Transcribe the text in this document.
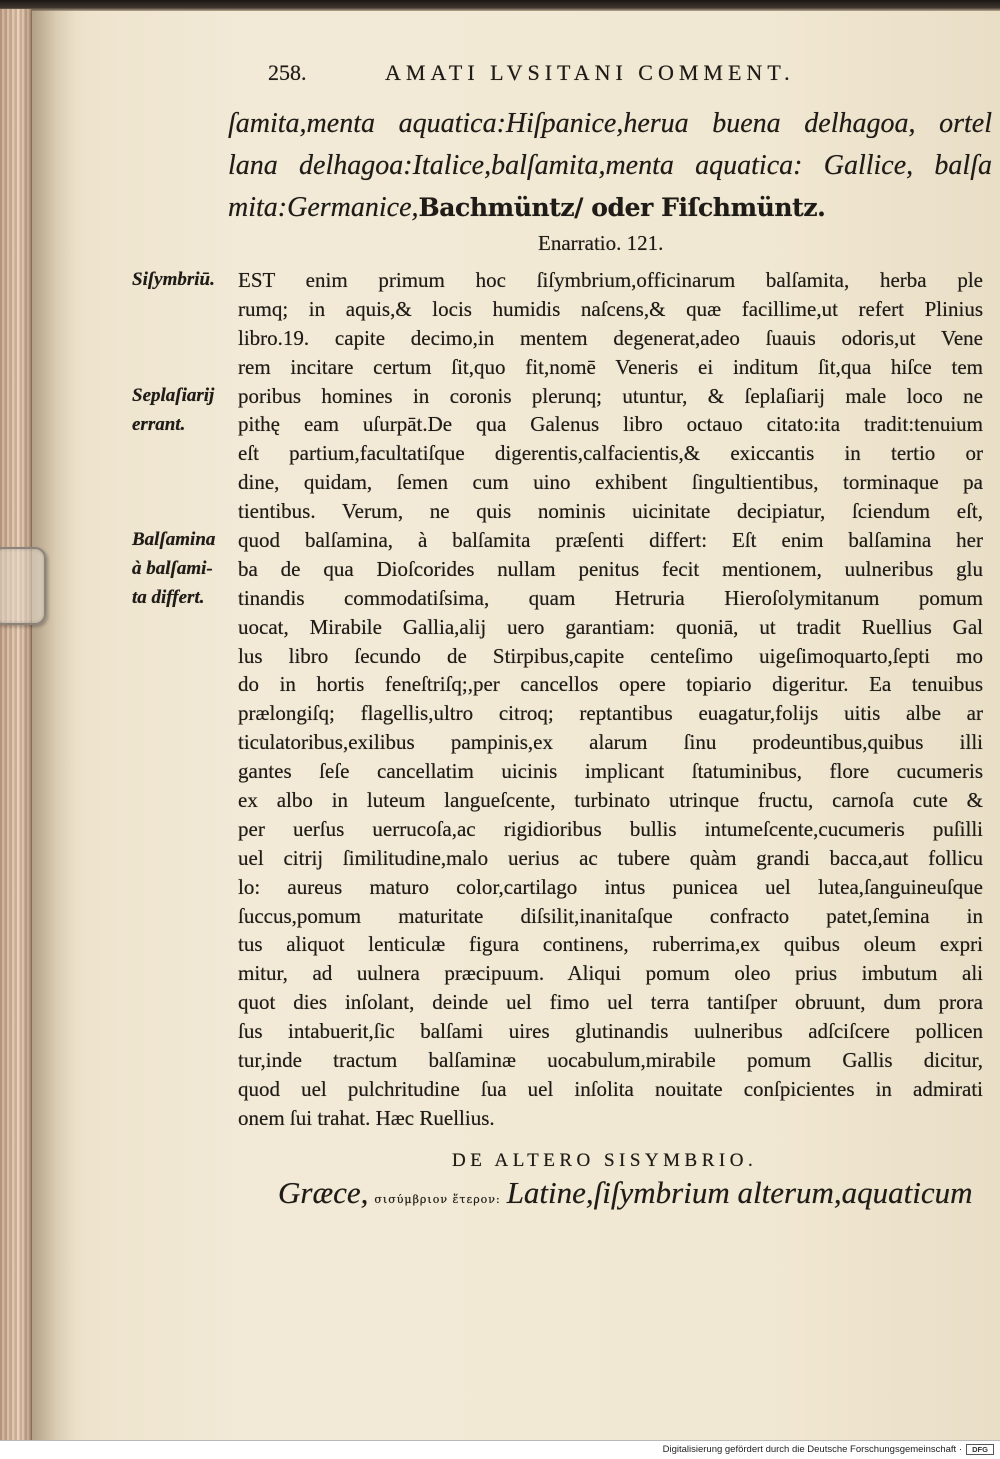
258.	AMATI LVSITANI COMMENT.
ſamita,menta aquatica:Hiſpanice,herua buena delhagoa, ortel
lana delhagoa:Italice,balſamita,menta aquatica: Gallice, balſa
mita:Germanice,Bachmüntz/ oder Fiſchmüntz.
Enarratio. 121.
Siſymbriū.
Seplaſiarij
errant.
Balſamina
à balſami-
ta differt.
EST enim primum hoc ſiſymbrium,officinarum balſamita, herba ple
rumq; in aquis,& locis humidis naſcens,& quæ facillime,ut refert Plinius
libro.19. capite decimo,in mentem degenerat,adeo ſuauis odoris,ut Vene
rem incitare certum ſit,quo fit,nomē Veneris ei inditum ſit,qua hiſce tem
poribus homines in coronis plerunq; utuntur, & ſeplaſiarij male loco ne
pithę eam uſurpāt.De qua Galenus libro octauo citato:ita tradit:tenuium
eſt partium,facultatiſque digerentis,calfacientis,& exiccantis in tertio or
dine, quidam, ſemen cum uino exhibent ſingultientibus, torminaque pa
tientibus. Verum, ne quis nominis uicinitate decipiatur, ſciendum eſt,
quod balſamina, à balſamita præſenti differt: Eſt enim balſamina her
ba de qua Dioſcorides nullam penitus fecit mentionem, uulneribus glu
tinandis commodatiſsima, quam Hetruria Hieroſolymitanum pomum
uocat, Mirabile Gallia,alij uero garantiam: quoniā, ut tradit Ruellius Gal
lus libro ſecundo de Stirpibus,capite centeſimo uigeſimoquarto,ſepti mo
do in hortis feneſtriſq;,per cancellos opere topiario digeritur. Ea tenuibus
prælongiſq; flagellis,ultro citroq; reptantibus euagatur,folijs uitis albe ar
ticulatoribus,exilibus pampinis,ex alarum ſinu prodeuntibus,quibus illi
gantes ſeſe cancellatim uicinis implicant ſtatuminibus, flore cucumeris
ex albo in luteum langueſcente, turbinato utrinque fructu, carnoſa cute &
per uerſus uerrucoſa,ac rigidioribus bullis intumeſcente,cucumeris puſilli
uel citrij ſimilitudine,malo uerius ac tubere quàm grandi bacca,aut follicu
lo: aureus maturo color,cartilago intus punicea uel lutea,ſanguineuſque
ſuccus,pomum maturitate diſsilit,inanitaſque confracto patet,ſemina in
tus aliquot lenticulæ figura continens, ruberrima,ex quibus oleum expri
mitur, ad uulnera præcipuum. Aliqui pomum oleo prius imbutum ali
quot dies inſolant, deinde uel fimo uel terra tantiſper obruunt, dum prora
ſus intabuerit,ſic balſami uires glutinandis uulneribus adſciſcere pollicen
tur,inde tractum balſaminæ uocabulum,mirabile pomum Gallis dicitur,
quod uel pulchritudine ſua uel inſolita nouitate conſpicientes in admirati
onem ſui trahat. Hæc Ruellius.
DE ALTERO SISYMBRIO.
Græce, σισύμβριον ἕτερον: Latine,ſiſymbrium alterum,aquaticum
Digitalisierung gefördert durch die Deutsche Forschungsgemeinschaft ·	DFG
